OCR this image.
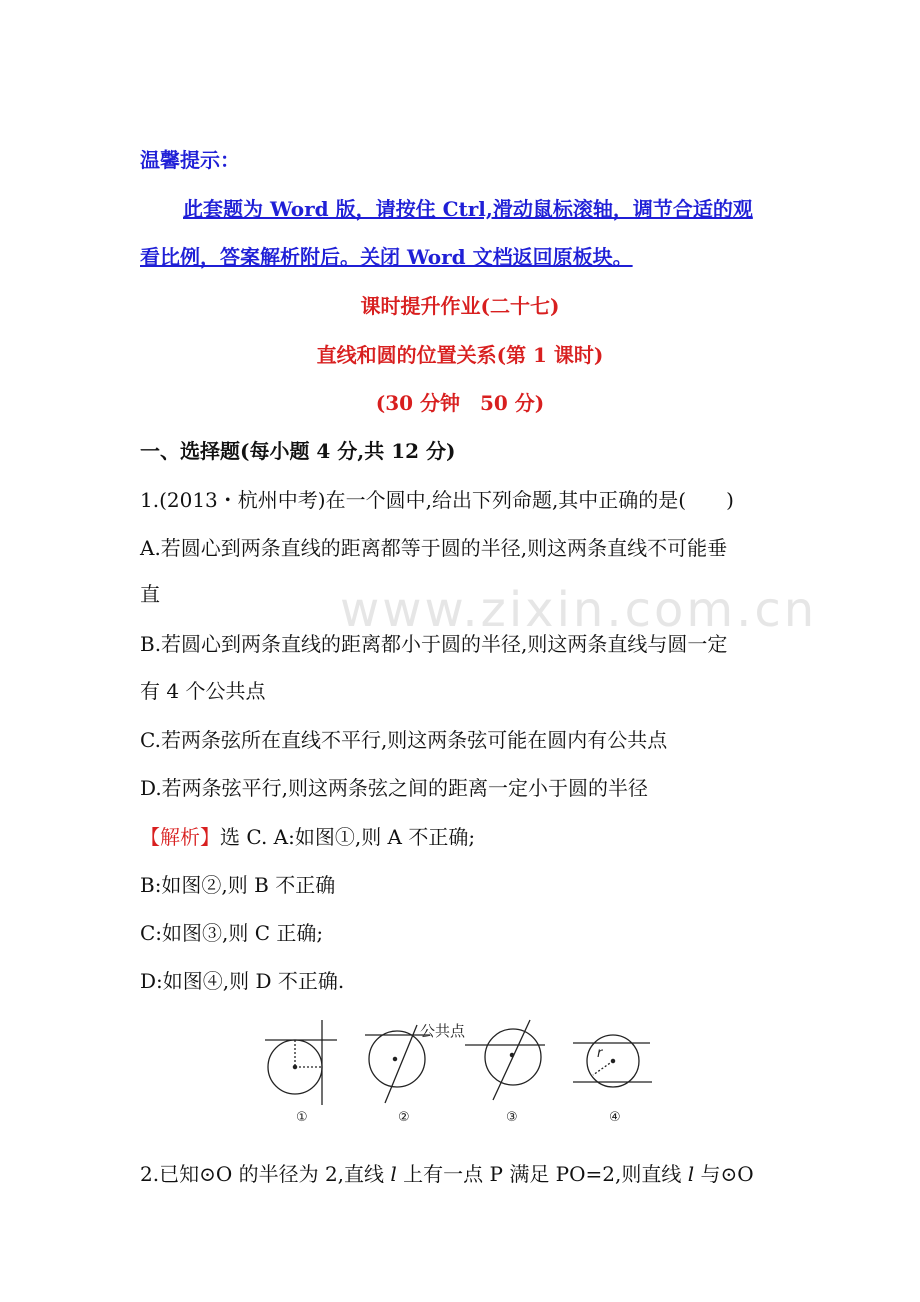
www.zixin.com.cn
温馨提示：
此套题为 Word 版，请按住 Ctrl,滑动鼠标滚轴，调节合适的观
看比例，答案解析附后。关闭 Word 文档返回原板块。
课时提升作业(二十七)
直线和圆的位置关系(第 1 课时)
(30 分钟　50 分)
一、选择题(每小题 4 分,共 12 分)
1.(2013・杭州中考)在一个圆中,给出下列命题,其中正确的是(　　)
A.若圆心到两条直线的距离都等于圆的半径,则这两条直线不可能垂
直
B.若圆心到两条直线的距离都小于圆的半径,则这两条直线与圆一定
有 4 个公共点
C.若两条弦所在直线不平行,则这两条弦可能在圆内有公共点
D.若两条弦平行,则这两条弦之间的距离一定小于圆的半径
【解析】选 C. A:如图①,则 A 不正确;
B:如图②,则 B 不正确
C:如图③,则 C 正确;
D:如图④,则 D 不正确.
公共点
r
①	②	③	④
2.已知⊙O 的半径为 2,直线 l 上有一点 P 满足 PO=2,则直线 l 与⊙O
